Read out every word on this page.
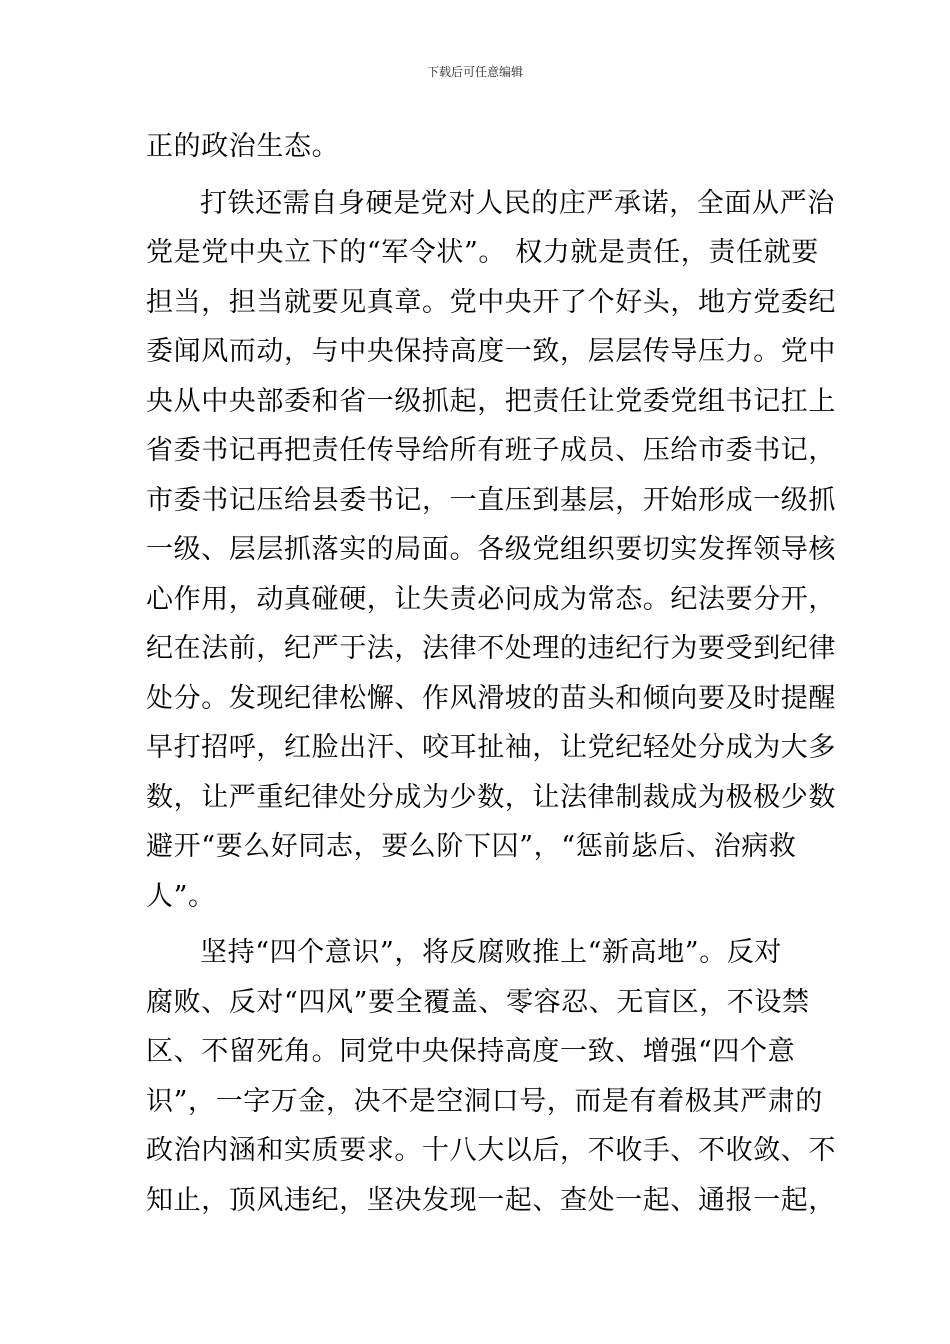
下载后可任意编辑
正的政治生态。
打铁还需自身硬是党对人民的庄严承诺，全面从严治
党是党中央立下的“军令状”。 权力就是责任，责任就要
担当，担当就要见真章。党中央开了个好头，地方党委纪
委闻风而动，与中央保持高度一致，层层传导压力。党中
央从中央部委和省一级抓起，把责任让党委党组书记扛上
省委书记再把责任传导给所有班子成员、压给市委书记，
市委书记压给县委书记，一直压到基层，开始形成一级抓
一级、层层抓落实的局面。各级党组织要切实发挥领导核
心作用，动真碰硬，让失责必问成为常态。纪法要分开，
纪在法前，纪严于法，法律不处理的违纪行为要受到纪律
处分。发现纪律松懈、作风滑坡的苗头和倾向要及时提醒
早打招呼，红脸出汗、咬耳扯袖，让党纪轻处分成为大多
数，让严重纪律处分成为少数，让法律制裁成为极极少数
避开“要么好同志，要么阶下囚”，“惩前毖后、治病救
人”。
坚持“四个意识”，将反腐败推上“新高地”。反对
腐败、反对“四风”要全覆盖、零容忍、无盲区，不设禁
区、不留死角。同党中央保持高度一致、增强“四个意
识”，一字万金，决不是空洞口号，而是有着极其严肃的
政治内涵和实质要求。十八大以后，不收手、不收敛、不
知止，顶风违纪，坚决发现一起、查处一起、通报一起，
